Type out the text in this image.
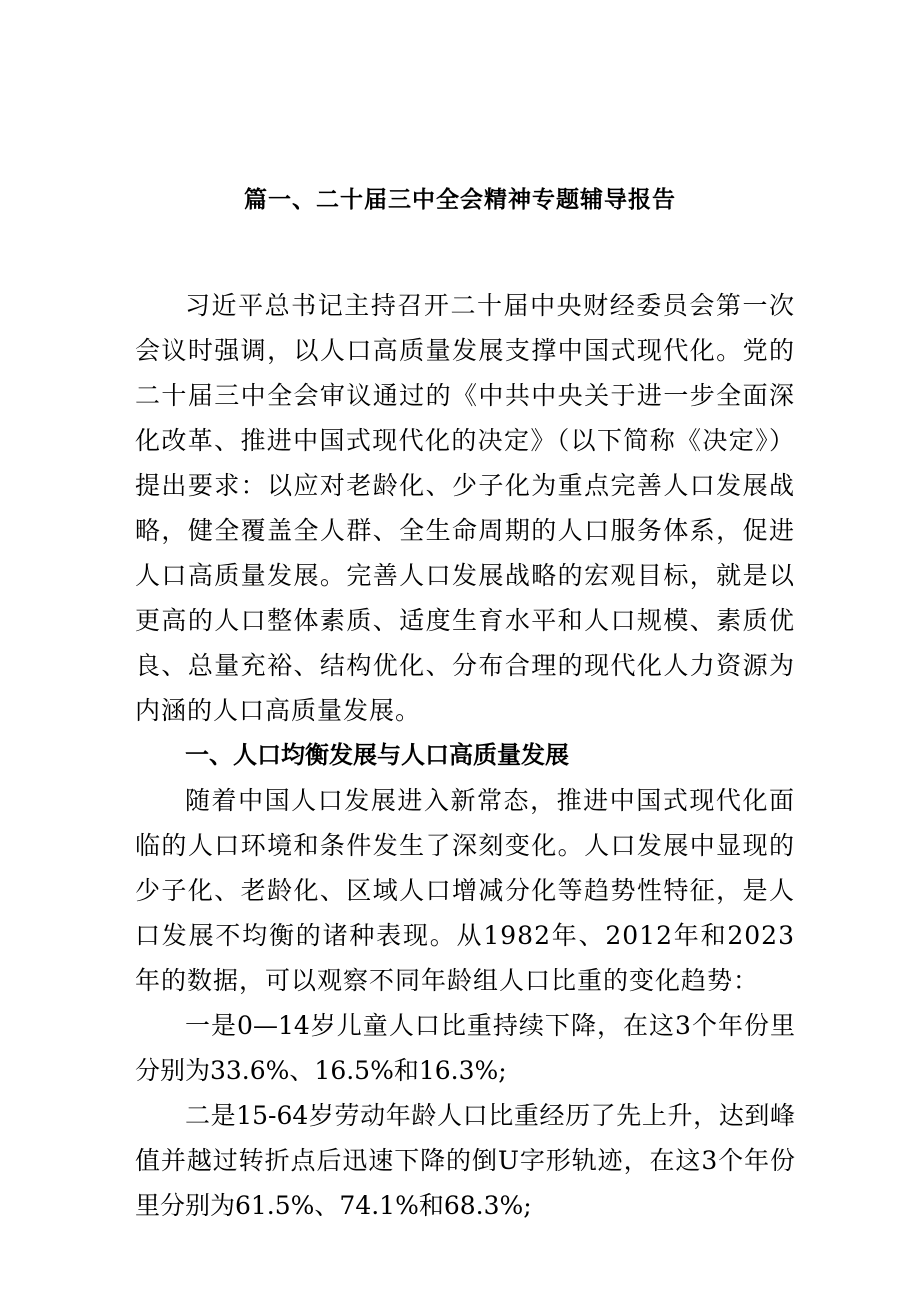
篇一、二十届三中全会精神专题辅导报告

习近平总书记主持召开二十届中央财经委员会第一次会议时强调，以人口高质量发展支撑中国式现代化。党的二十届三中全会审议通过的《中共中央关于进一步全面深化改革、推进中国式现代化的决定》（以下简称《决定》）提出要求：以应对老龄化、少子化为重点完善人口发展战略，健全覆盖全人群、全生命周期的人口服务体系，促进人口高质量发展。完善人口发展战略的宏观目标，就是以更高的人口整体素质、适度生育水平和人口规模、素质优良、总量充裕、结构优化、分布合理的现代化人力资源为内涵的人口高质量发展。

一、人口均衡发展与人口高质量发展

随着中国人口发展进入新常态，推进中国式现代化面临的人口环境和条件发生了深刻变化。人口发展中显现的少子化、老龄化、区域人口增减分化等趋势性特征，是人口发展不均衡的诸种表现。从1982年、2012年和2023年的数据，可以观察不同年龄组人口比重的变化趋势：

一是0—14岁儿童人口比重持续下降，在这3个年份里分别为33.6%、16.5%和16.3%;

二是15-64岁劳动年龄人口比重经历了先上升，达到峰值并越过转折点后迅速下降的倒U字形轨迹，在这3个年份里分别为61.5%、74.1%和68.3%;
